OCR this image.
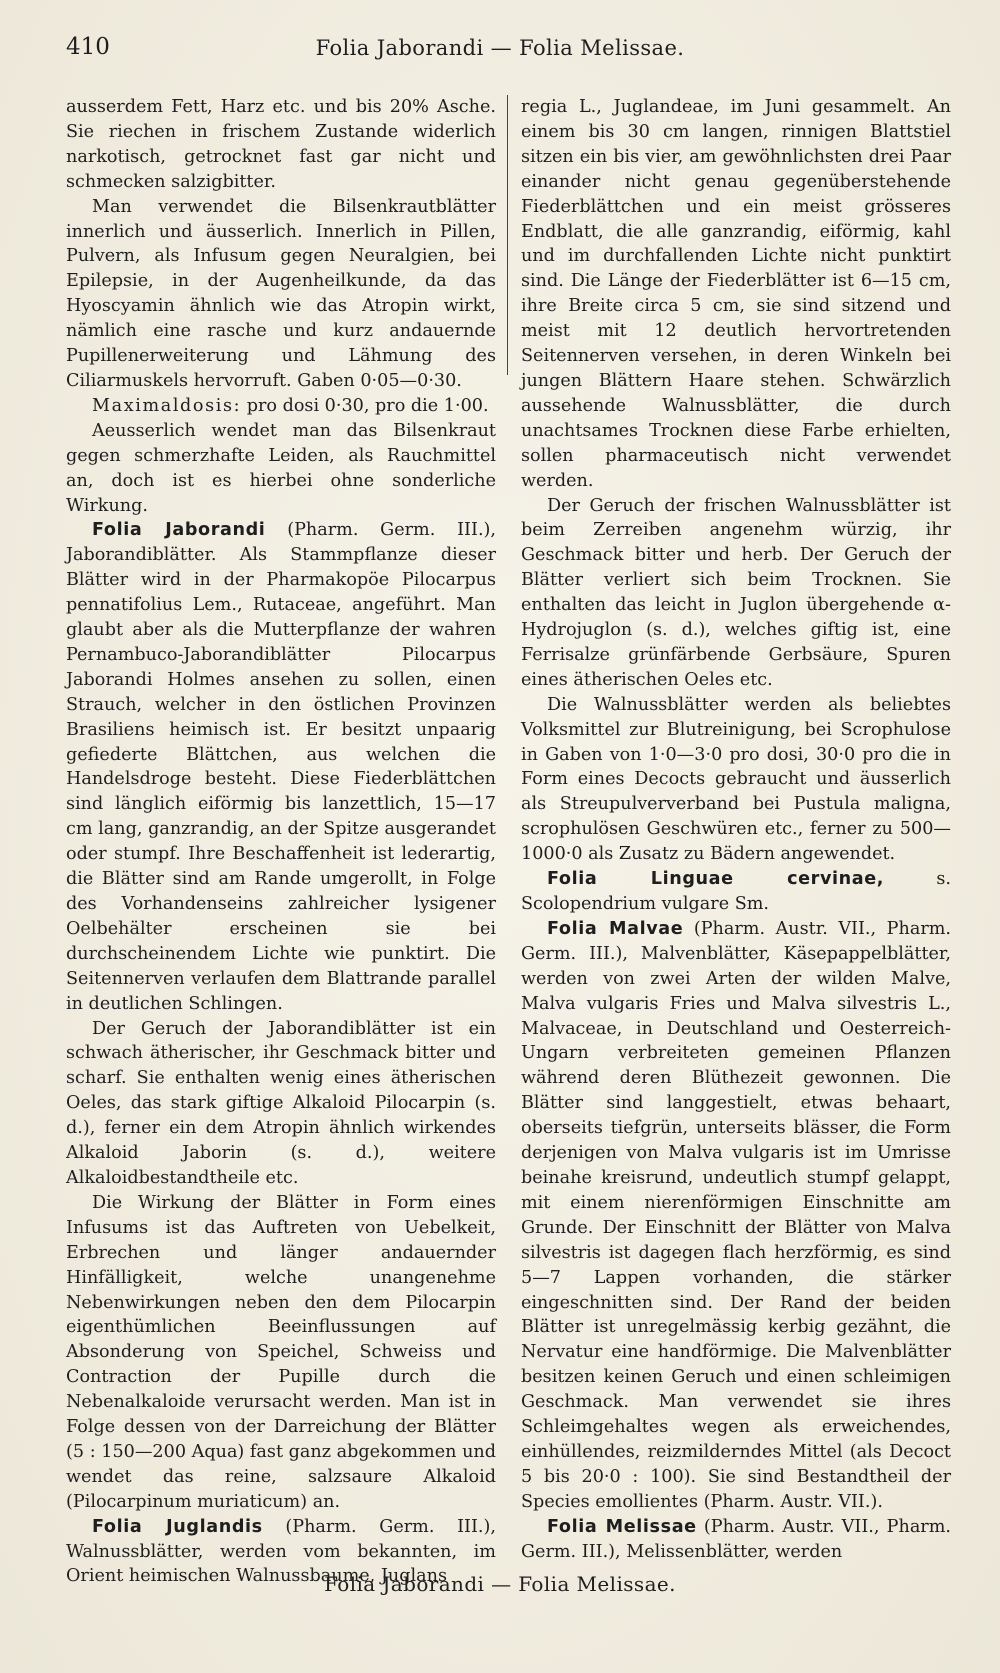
410	Folia Jaborandi — Folia Melissae.

ausserdem Fett, Harz etc. und bis 20% Asche. Sie riechen in frischem Zustande widerlich narkotisch, getrocknet fast gar nicht und schmecken salzigbitter.

Man verwendet die Bilsenkrautblätter innerlich und äusserlich. Innerlich in Pillen, Pulvern, als Infusum gegen Neuralgien, bei Epilepsie, in der Augenheilkunde, da das Hyoscyamin ähnlich wie das Atropin wirkt, nämlich eine rasche und kurz andauernde Pupillenerweiterung und Lähmung des Ciliarmuskels hervorruft. Gaben 0·05—0·30.

Maximaldosis: pro dosi 0·30, pro die 1·00.

Aeusserlich wendet man das Bilsenkraut gegen schmerzhafte Leiden, als Rauchmittel an, doch ist es hierbei ohne sonderliche Wirkung.

Folia Jaborandi (Pharm. Germ. III.), Jaborandiblätter. Als Stammpflanze dieser Blätter wird in der Pharmakopöe Pilocarpus pennatifolius Lem., Rutaceae, angeführt. Man glaubt aber als die Mutterpflanze der wahren Pernambuco-Jaborandiblätter Pilocarpus Jaborandi Holmes ansehen zu sollen, einen Strauch, welcher in den östlichen Provinzen Brasiliens heimisch ist. Er besitzt unpaarig gefiederte Blättchen, aus welchen die Handelsdroge besteht. Diese Fiederblättchen sind länglich eiförmig bis lanzettlich, 15—17 cm lang, ganzrandig, an der Spitze ausgerandet oder stumpf. Ihre Beschaffenheit ist lederartig, die Blätter sind am Rande umgerollt, in Folge des Vorhandenseins zahlreicher lysigener Oelbehälter erscheinen sie bei durchscheinendem Lichte wie punktirt. Die Seitennerven verlaufen dem Blattrande parallel in deutlichen Schlingen.

Der Geruch der Jaborandiblätter ist ein schwach ätherischer, ihr Geschmack bitter und scharf. Sie enthalten wenig eines ätherischen Oeles, das stark giftige Alkaloid Pilocarpin (s. d.), ferner ein dem Atropin ähnlich wirkendes Alkaloid Jaborin (s. d.), weitere Alkaloidbestandtheile etc.

Die Wirkung der Blätter in Form eines Infusums ist das Auftreten von Uebelkeit, Erbrechen und länger andauernder Hinfälligkeit, welche unangenehme Nebenwirkungen neben den dem Pilocarpin eigenthümlichen Beeinflussungen auf Absonderung von Speichel, Schweiss und Contraction der Pupille durch die Nebenalkaloide verursacht werden. Man ist in Folge dessen von der Darreichung der Blätter (5 : 150—200 Aqua) fast ganz abgekommen und wendet das reine, salzsaure Alkaloid (Pilocarpinum muriaticum) an.

Folia Juglandis (Pharm. Germ. III.), Walnussblätter, werden vom bekannten, im Orient heimischen Walnussbaume, Juglans

regia L., Juglandeae, im Juni gesammelt. An einem bis 30 cm langen, rinnigen Blattstiel sitzen ein bis vier, am gewöhnlichsten drei Paar einander nicht genau gegenüberstehende Fiederblättchen und ein meist grösseres Endblatt, die alle ganzrandig, eiförmig, kahl und im durchfallenden Lichte nicht punktirt sind. Die Länge der Fiederblätter ist 6—15 cm, ihre Breite circa 5 cm, sie sind sitzend und meist mit 12 deutlich hervortretenden Seitennerven versehen, in deren Winkeln bei jungen Blättern Haare stehen. Schwärzlich aussehende Walnussblätter, die durch unachtsames Trocknen diese Farbe erhielten, sollen pharmaceutisch nicht verwendet werden.

Der Geruch der frischen Walnussblätter ist beim Zerreiben angenehm würzig, ihr Geschmack bitter und herb. Der Geruch der Blätter verliert sich beim Trocknen. Sie enthalten das leicht in Juglon übergehende α-Hydrojuglon (s. d.), welches giftig ist, eine Ferrisalze grünfärbende Gerbsäure, Spuren eines ätherischen Oeles etc.

Die Walnussblätter werden als beliebtes Volksmittel zur Blutreinigung, bei Scrophulose in Gaben von 1·0—3·0 pro dosi, 30·0 pro die in Form eines Decocts gebraucht und äusserlich als Streupulververband bei Pustula maligna, scrophulösen Geschwüren etc., ferner zu 500—1000·0 als Zusatz zu Bädern angewendet.

Folia Linguae cervinae, s. Scolopendrium vulgare Sm.

Folia Malvae (Pharm. Austr. VII., Pharm. Germ. III.), Malvenblätter, Käsepappelblätter, werden von zwei Arten der wilden Malve, Malva vulgaris Fries und Malva silvestris L., Malvaceae, in Deutschland und Oesterreich-Ungarn verbreiteten gemeinen Pflanzen während deren Blüthezeit gewonnen. Die Blätter sind langgestielt, etwas behaart, oberseits tiefgrün, unterseits blässer, die Form derjenigen von Malva vulgaris ist im Umrisse beinahe kreisrund, undeutlich stumpf gelappt, mit einem nierenförmigen Einschnitte am Grunde. Der Einschnitt der Blätter von Malva silvestris ist dagegen flach herzförmig, es sind 5—7 Lappen vorhanden, die stärker eingeschnitten sind. Der Rand der beiden Blätter ist unregelmässig kerbig gezähnt, die Nervatur eine handförmige. Die Malvenblätter besitzen keinen Geruch und einen schleimigen Geschmack. Man verwendet sie ihres Schleimgehaltes wegen als erweichendes, einhüllendes, reizmilderndes Mittel (als Decoct 5 bis 20·0 : 100). Sie sind Bestandtheil der Species emollientes (Pharm. Austr. VII.).

Folia Melissae (Pharm. Austr. VII., Pharm. Germ. III.), Melissenblätter, werden

Folia Jaborandi — Folia Melissae.
